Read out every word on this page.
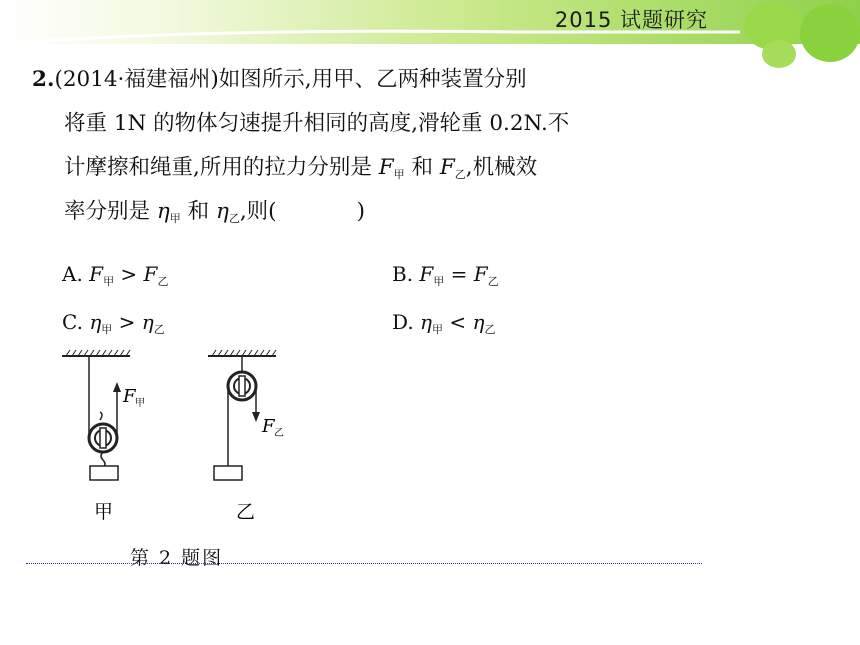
2015 试题研究
2.(2014·福建福州)如图所示,用甲、乙两种装置分别
将重 1N 的物体匀速提升相同的高度,滑轮重 0.2N.不
计摩擦和绳重,所用的拉力分别是 $F_甲$ 和 $F_乙$,机械效
率分别是 $\eta_甲$ 和 $\eta_乙$,则(	)
A. $F_甲 > F_乙$	B. $F_甲 = F_乙$
C. $\eta_甲 > \eta_乙$	D. $\eta_甲 < \eta_乙$
F 甲
甲
F 乙
乙
第 2 题图
